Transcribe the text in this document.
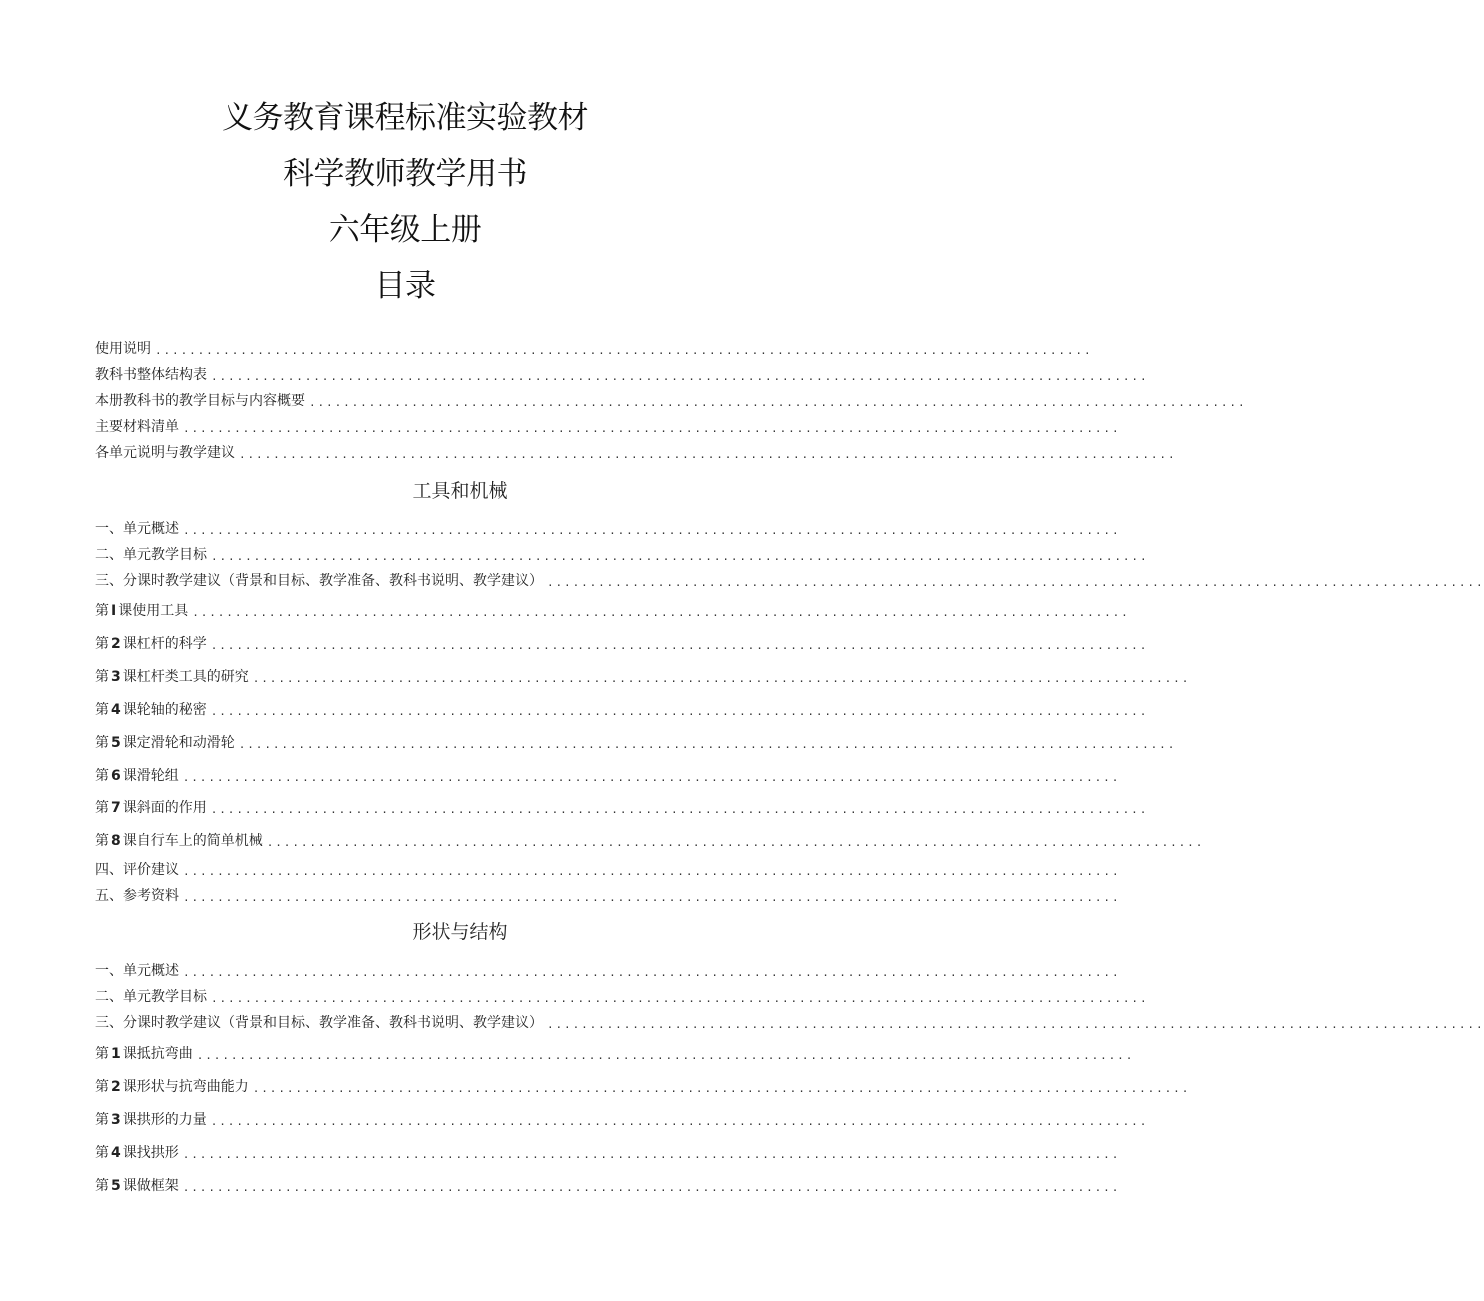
义务教育课程标准实验教材
科学教师教学用书
六年级上册
目录
使用说明 ..............................................................................................................
教科书整体结构表 ..............................................................................................................
本册教科书的教学目标与内容概要 ..............................................................................................................
主要材料清单 ..............................................................................................................
各单元说明与教学建议 ..............................................................................................................
工具和机械
一、单元概述 ..............................................................................................................
二、单元教学目标 ..............................................................................................................
三、分课时教学建议（背景和目标、教学准备、教科书说明、教学建议） ..............................................................................................................
第 I 课使用工具 ..............................................................................................................
第 2 课杠杆的科学 ..............................................................................................................
第 3 课杠杆类工具的研究 ..............................................................................................................
第 4 课轮轴的秘密 ..............................................................................................................
第 5 课定滑轮和动滑轮 ..............................................................................................................
第 6 课滑轮组 ..............................................................................................................
第 7 课斜面的作用 ..............................................................................................................
第 8 课自行车上的简单机械 ..............................................................................................................
四、评价建议 ..............................................................................................................
五、参考资料 ..............................................................................................................
形状与结构
一、单元概述 ..............................................................................................................
二、单元教学目标 ..............................................................................................................
三、分课时教学建议（背景和目标、教学准备、教科书说明、教学建议） ..............................................................................................................
第 1 课抵抗弯曲 ..............................................................................................................
第 2 课形状与抗弯曲能力 ..............................................................................................................
第 3 课拱形的力量 ..............................................................................................................
第 4 课找拱形 ..............................................................................................................
第 5 课做框架 ..............................................................................................................
